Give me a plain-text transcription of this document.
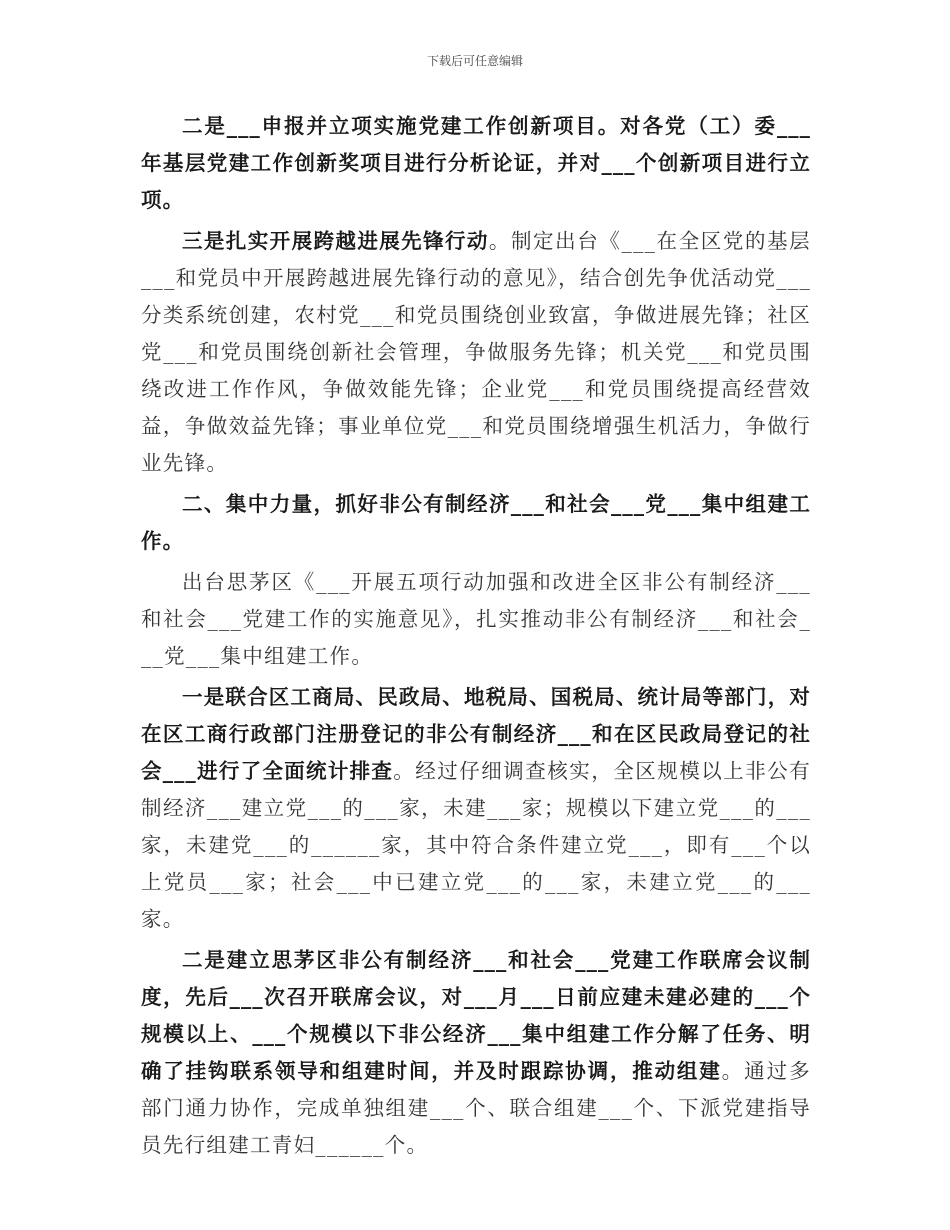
下载后可任意编辑

二是___申报并立项实施党建工作创新项目。对各党（工）委___年基层党建工作创新奖项目进行分析论证，并对___个创新项目进行立项。

三是扎实开展跨越进展先锋行动。制定出台《___在全区党的基层___和党员中开展跨越进展先锋行动的意见》，结合创先争优活动党___分类系统创建，农村党___和党员围绕创业致富，争做进展先锋；社区党___和党员围绕创新社会管理，争做服务先锋；机关党___和党员围绕改进工作作风，争做效能先锋；企业党___和党员围绕提高经营效益，争做效益先锋；事业单位党___和党员围绕增强生机活力，争做行业先锋。

二、集中力量，抓好非公有制经济___和社会___党___集中组建工作。

出台思茅区《___开展五项行动加强和改进全区非公有制经济___和社会___党建工作的实施意见》，扎实推动非公有制经济___和社会___党___集中组建工作。

一是联合区工商局、民政局、地税局、国税局、统计局等部门，对在区工商行政部门注册登记的非公有制经济___和在区民政局登记的社会___进行了全面统计排查。经过仔细调查核实，全区规模以上非公有制经济___建立党___的___家，未建___家；规模以下建立党___的___家，未建党___的______家，其中符合条件建立党___，即有___个以上党员___家；社会___中已建立党___的___家，未建立党___的___家。

二是建立思茅区非公有制经济___和社会___党建工作联席会议制度，先后___次召开联席会议，对___月___日前应建未建必建的___个规模以上、___个规模以下非公经济___集中组建工作分解了任务、明确了挂钩联系领导和组建时间，并及时跟踪协调，推动组建。通过多部门通力协作，完成单独组建___个、联合组建___个、下派党建指导员先行组建工青妇______个。
